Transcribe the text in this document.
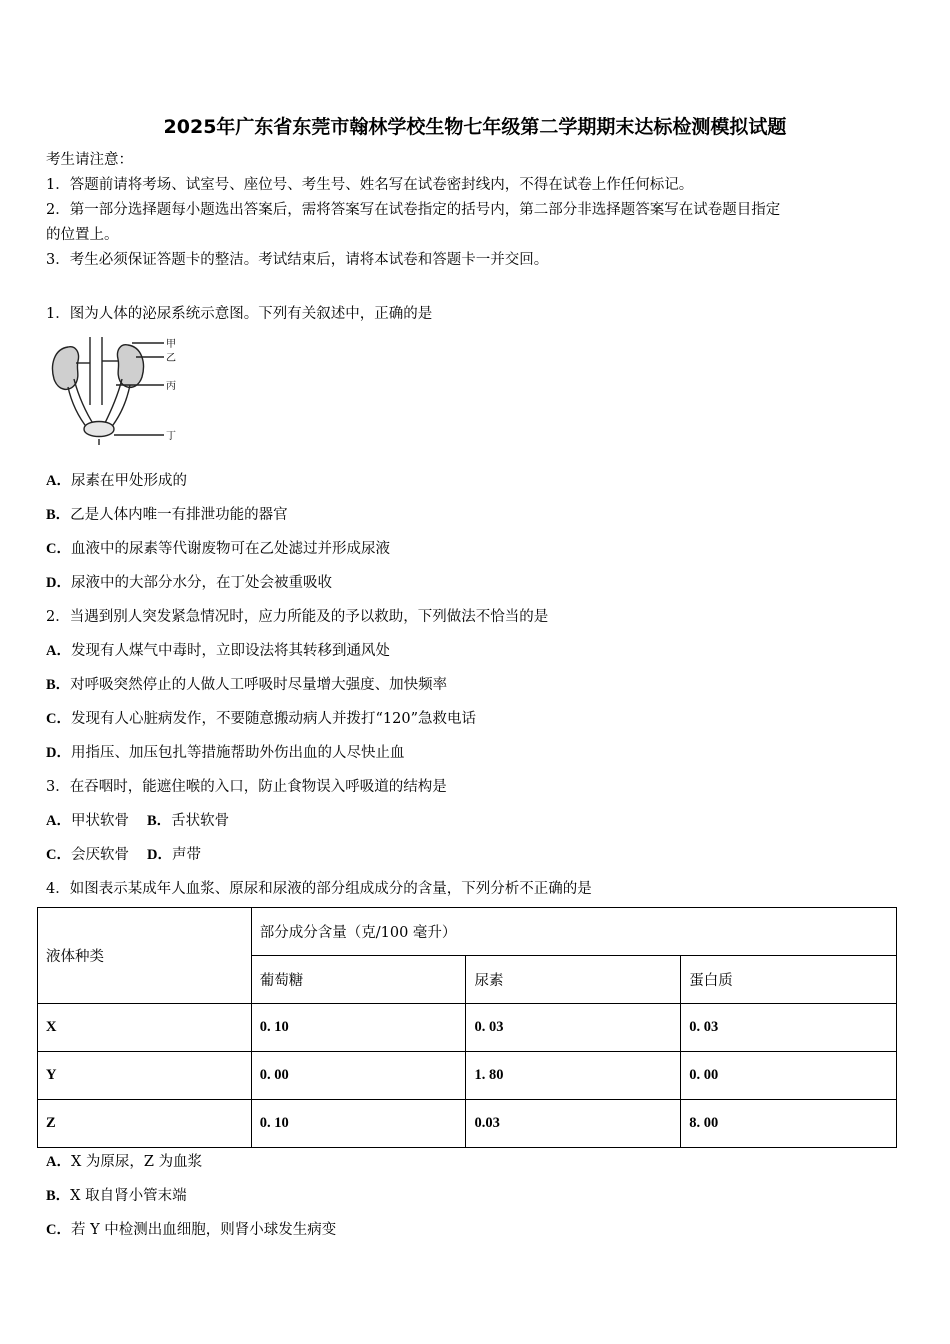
2025年广东省东莞市翰林学校生物七年级第二学期期末达标检测模拟试题
考生请注意：
1．答题前请将考场、试室号、座位号、考生号、姓名写在试卷密封线内，不得在试卷上作任何标记。
2．第一部分选择题每小题选出答案后，需将答案写在试卷指定的括号内，第二部分非选择题答案写在试卷题目指定
的位置上。
3．考生必须保证答题卡的整洁。考试结束后，请将本试卷和答题卡一并交回。
1．图为人体的泌尿系统示意图。下列有关叙述中，正确的是
甲
乙
丙
丁
A．尿素在甲处形成的
B．乙是人体内唯一有排泄功能的器官
C．血液中的尿素等代谢废物可在乙处滤过并形成尿液
D．尿液中的大部分水分，在丁处会被重吸收
2．当遇到别人突发紧急情况时，应力所能及的予以救助，下列做法不恰当的是
A．发现有人煤气中毒时，立即设法将其转移到通风处
B．对呼吸突然停止的人做人工呼吸时尽量增大强度、加快频率
C．发现有人心脏病发作，不要随意搬动病人并拨打“120”急救电话
D．用指压、加压包扎等措施帮助外伤出血的人尽快止血
3．在吞咽时，能遮住喉的入口，防止食物误入呼吸道的结构是
A．甲状软骨 B．舌状软骨
C．会厌软骨 D．声带
4．如图表示某成年人血浆、原尿和尿液的部分组成成分的含量，下列分析不正确的是
液体种类	部分成分含量（克/100 毫升）		
	葡萄糖	尿素	蛋白质
X	0. 10	0. 03	0. 03
Y	0. 00	1. 80	0. 00
Z	0. 10	0.03	8. 00
A．X 为原尿，Z 为血浆
B．X 取自肾小管末端
C．若 Y 中检测出血细胞，则肾小球发生病变
